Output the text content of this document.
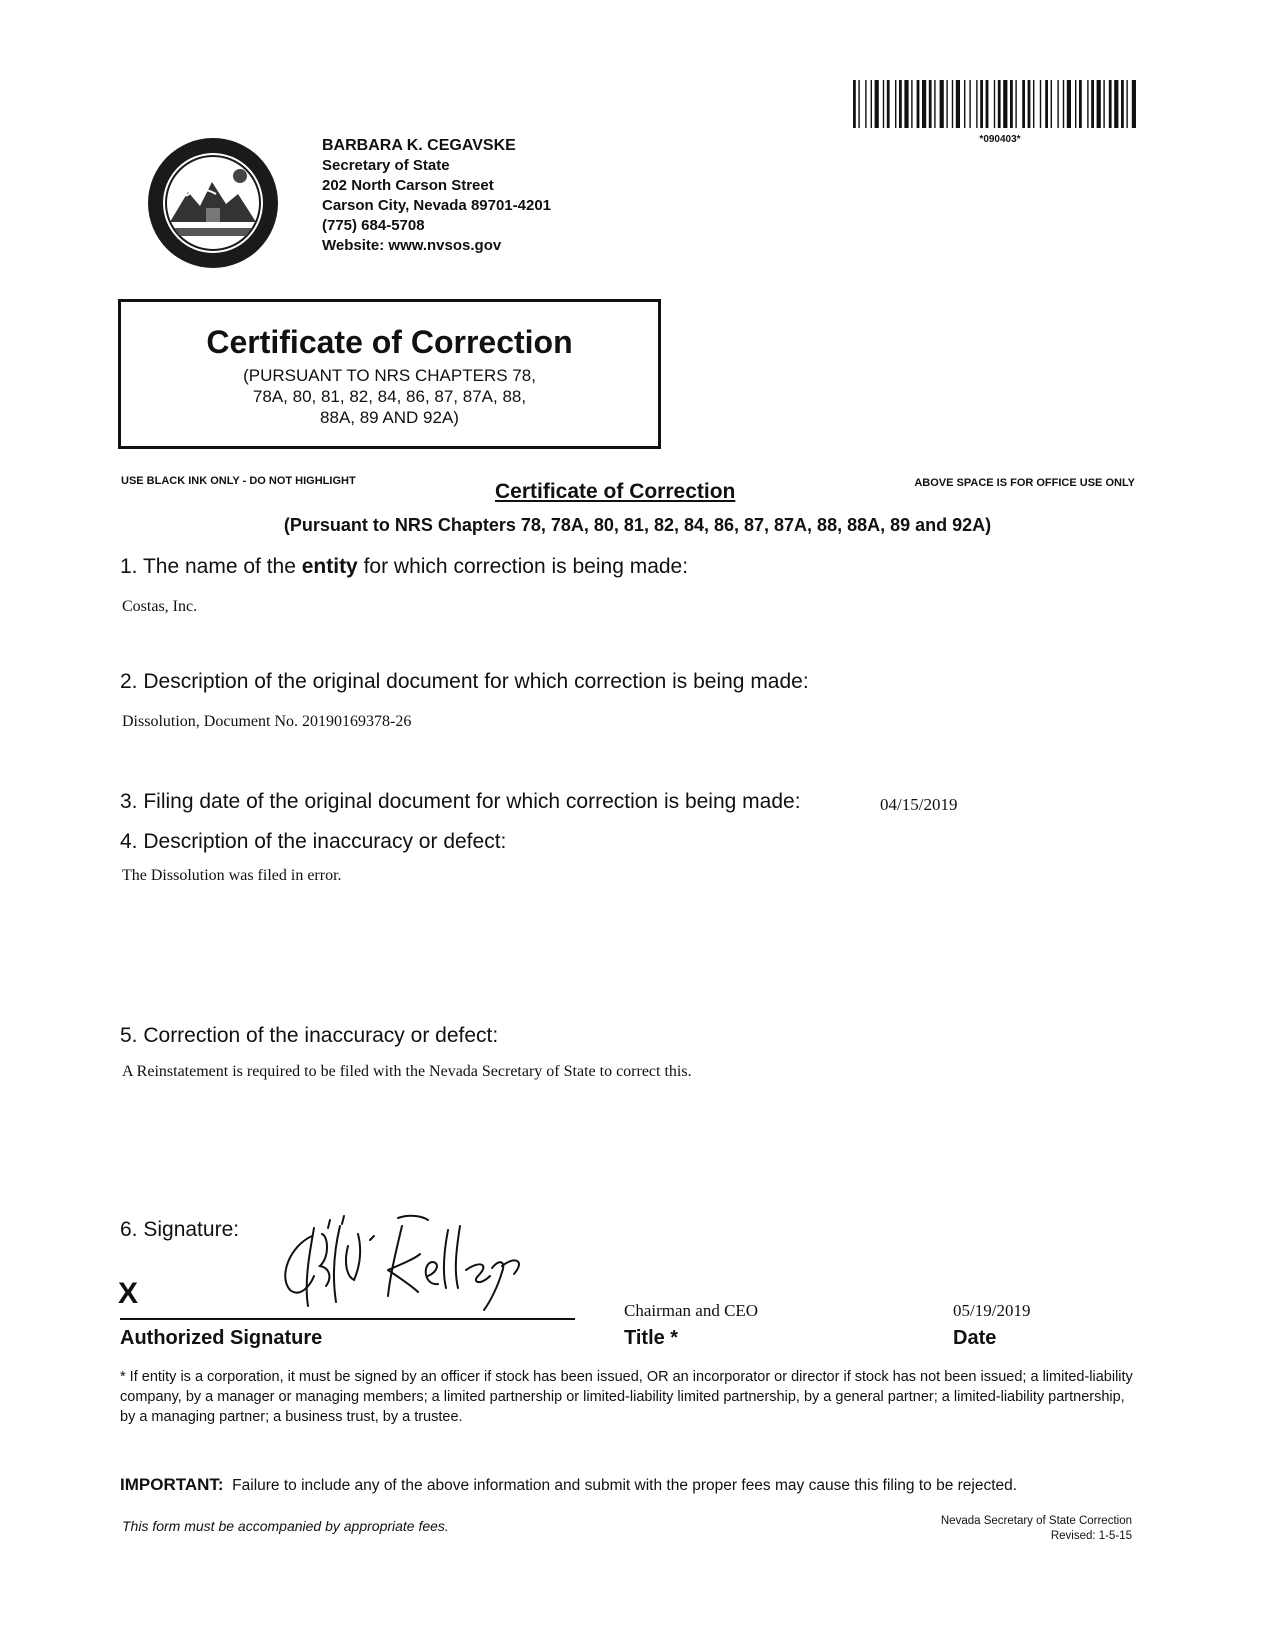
BARBARA K. CEGAVSKE
Secretary of State
202 North Carson Street
Carson City, Nevada 89701-4201
(775) 684-5708
Website: www.nvsos.gov
*090403*
Certificate of Correction
(PURSUANT TO NRS CHAPTERS 78,
78A, 80, 81, 82, 84, 86, 87, 87A, 88,
88A, 89 AND 92A)
USE BLACK INK ONLY - DO NOT HIGHLIGHT	ABOVE SPACE IS FOR OFFICE USE ONLY
Certificate of Correction
(Pursuant to NRS Chapters 78, 78A, 80, 81, 82, 84, 86, 87, 87A, 88, 88A, 89 and 92A)
1. The name of the entity for which correction is being made:
Costas, Inc.
2. Description of the original document for which correction is being made:
Dissolution, Document No. 20190169378-26
3. Filing date of the original document for which correction is being made:	04/15/2019
4. Description of the inaccuracy or defect:
The Dissolution was filed in error.
5. Correction of the inaccuracy or defect:
A Reinstatement is required to be filed with the Nevada Secretary of State to correct this.
6. Signature:
X
Chairman and CEO	05/19/2019
Authorized Signature	Title *	Date
* If entity is a corporation, it must be signed by an officer if stock has been issued, OR an incorporator or director if stock has not been issued; a limited-liability company, by a manager or managing members; a limited partnership or limited-liability limited partnership, by a general partner; a limited-liability partnership, by a managing partner; a business trust, by a trustee.
IMPORTANT:  Failure to include any of the above information and submit with the proper fees may cause this filing to be rejected.
This form must be accompanied by appropriate fees.	Nevada Secretary of State Correction
Revised: 1-5-15
